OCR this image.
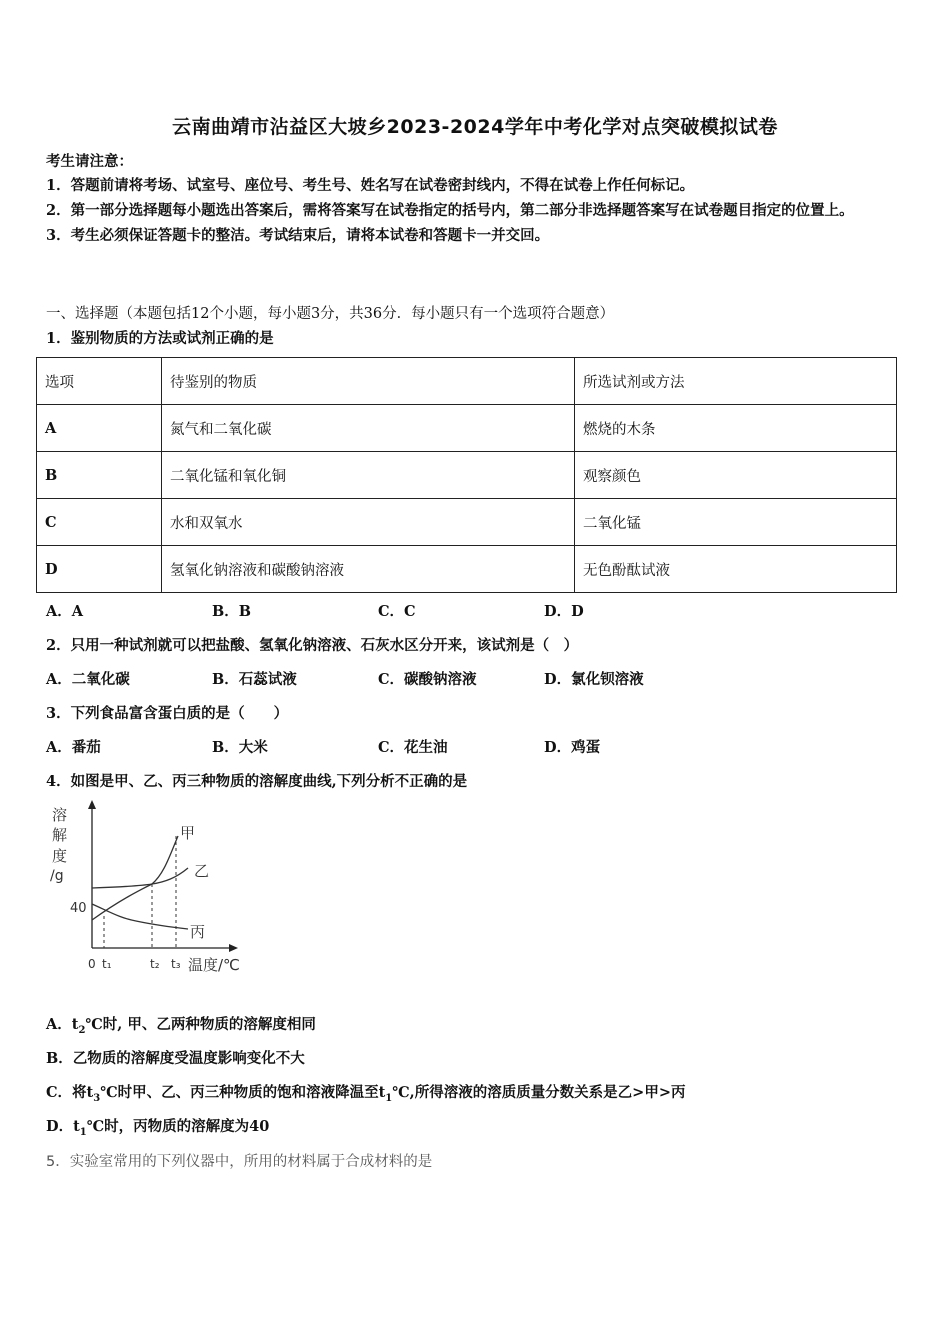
云南曲靖市沾益区大坡乡2023-2024学年中考化学对点突破模拟试卷
考生请注意：
1．答题前请将考场、试室号、座位号、考生号、姓名写在试卷密封线内，不得在试卷上作任何标记。
2．第一部分选择题每小题选出答案后，需将答案写在试卷指定的括号内，第二部分非选择题答案写在试卷题目指定的位置上。
3．考生必须保证答题卡的整洁。考试结束后，请将本试卷和答题卡一并交回。
一、选择题（本题包括12个小题，每小题3分，共36分．每小题只有一个选项符合题意）
1．鉴别物质的方法或试剂正确的是
选项	待鉴别的物质	所选试剂或方法
A	氮气和二氧化碳	燃烧的木条
B	二氧化锰和氧化铜	观察颜色
C	水和双氧水	二氧化锰
D	氢氧化钠溶液和碳酸钠溶液	无色酚酞试液
A．A	B．B	C．C	D．D
2．只用一种试剂就可以把盐酸、氢氧化钠溶液、石灰水区分开来，该试剂是（　）
A．二氧化碳	B．石蕊试液	C．碳酸钠溶液	D．氯化钡溶液
3．下列食品富含蛋白质的是（　　）
A．番茄	B．大米	C．花生油	D．鸡蛋
4．如图是甲、乙、丙三种物质的溶解度曲线,下列分析不正确的是
溶
解
度
/g
40
0 t₁	t₂ t₃ 温度/℃
甲
乙
丙
A．$t_2℃$时, 甲、乙两种物质的溶解度相同
B．乙物质的溶解度受温度影响变化不大
C．将$t_3℃$时甲、乙、丙三种物质的饱和溶液降温至$t_1℃$,所得溶液的溶质质量分数关系是乙>甲>丙
D．$t_1℃$时，丙物质的溶解度为40
5．实验室常用的下列仪器中，所用的材料属于合成材料的是
